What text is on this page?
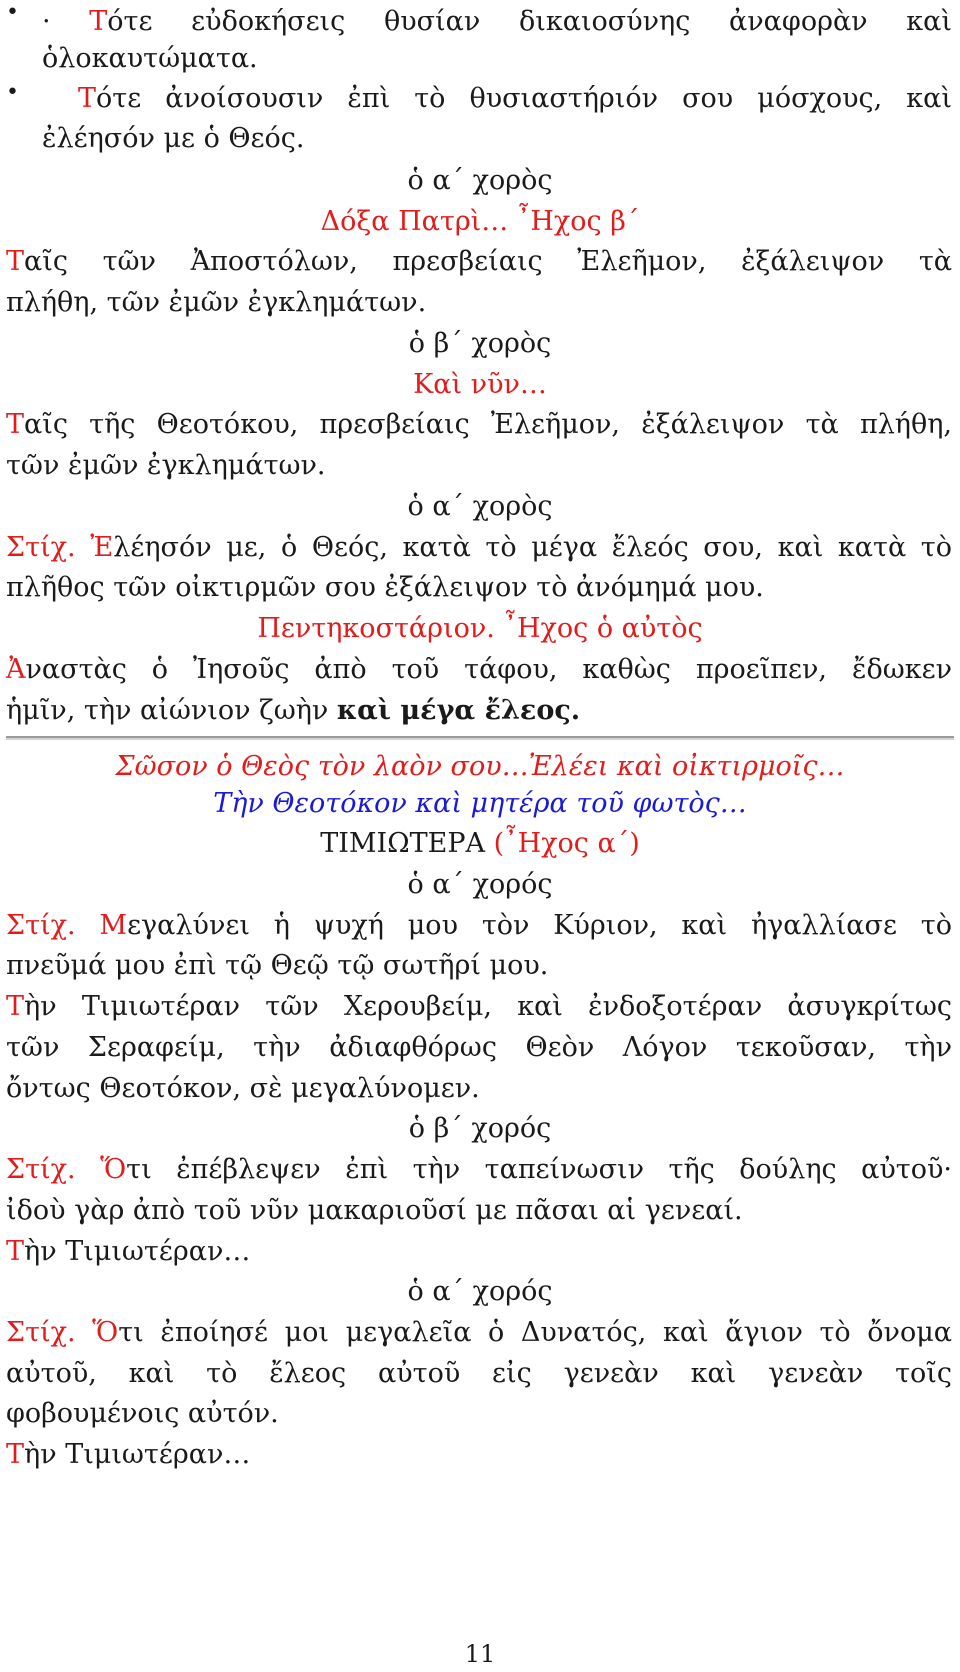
• · Τότε εὐδοκήσεις θυσίαν δικαιοσύνης ἀναφορὰν καὶ
ὁλοκαυτώματα.
• Τότε ἀνοίσουσιν ἐπὶ τὸ θυσιαστήριόν σου μόσχους, καὶ
ἐλέησόν με ὁ Θεός.
ὁ α΄ χορὸς
Δόξα Πατρὶ… ῏Ηχος β΄
Ταῖς τῶν Ἀποστόλων, πρεσβείαις Ἐλεῆμον, ἐξάλειψον τὰ
πλήθη, τῶν ἐμῶν ἐγκλημάτων.
ὁ β΄ χορὸς
Καὶ νῦν…
Ταῖς τῆς Θεοτόκου, πρεσβείαις Ἐλεῆμον, ἐξάλειψον τὰ πλήθη,
τῶν ἐμῶν ἐγκλημάτων.
ὁ α΄ χορὸς
Στίχ. Ἐλέησόν με, ὁ Θεός, κατὰ τὸ μέγα ἔλεός σου, καὶ κατὰ τὸ
πλῆθος τῶν οἰκτιρμῶν σου ἐξάλειψον τὸ ἀνόμημά μου.
Πεντηκοστάριον. ῏Ηχος ὁ αὐτὸς
Ἀναστὰς ὁ Ἰησοῦς ἀπὸ τοῦ τάφου, καθὼς προεῖπεν, ἔδωκεν
ἡμῖν, τὴν αἰώνιον ζωὴν καὶ μέγα ἔλεος.
Σῶσον ὁ Θεὸς τὸν λαὸν σου…Ἐλέει καὶ οἰκτιρμοῖς…
Τὴν Θεοτόκον καὶ μητέρα τοῦ φωτὸς…
ΤΙΜΙΩΤΕΡΑ (῏Ηχος α΄)
ὁ α΄ χορός
Στίχ. Μεγαλύνει ἡ ψυχή μου τὸν Κύριον, καὶ ἠγαλλίασε τὸ
πνεῦμά μου ἐπὶ τῷ Θεῷ τῷ σωτῆρί μου.
Τὴν Τιμιωτέραν τῶν Χερουβείμ, καὶ ἐνδοξοτέραν ἀσυγκρίτως
τῶν Σεραφείμ, τὴν ἀδιαφθόρως Θεὸν Λόγον τεκοῦσαν, τὴν
ὄντως Θεοτόκον, σὲ μεγαλύνομεν.
ὁ β΄ χορός
Στίχ. Ὅτι ἐπέβλεψεν ἐπὶ τὴν ταπείνωσιν τῆς δούλης αὐτοῦ·
ἰδοὺ γὰρ ἀπὸ τοῦ νῦν μακαριοῦσί με πᾶσαι αἱ γενεαί.
Τὴν Τιμιωτέραν…
ὁ α΄ χορός
Στίχ. Ὅτι ἐποίησέ μοι μεγαλεῖα ὁ Δυνατός, καὶ ἅγιον τὸ ὄνομα
αὐτοῦ, καὶ τὸ ἔλεος αὐτοῦ εἰς γενεὰν καὶ γενεὰν τοῖς
φοβουμένοις αὐτόν.
Τὴν Τιμιωτέραν…
11
